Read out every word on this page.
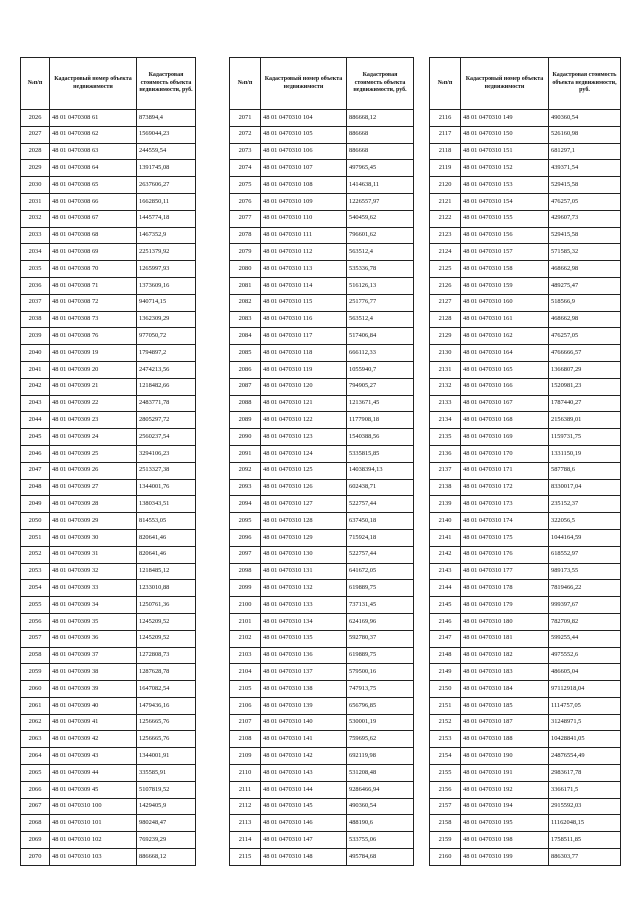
№п/п	Кадастровый номер объекта недвижимости	Кадастровая стоимость объекта недвижимости, руб.
2026	48 01 0470308 61	873894,4
2027	48 01 0470308 62	1569044,23
2028	48 01 0470308 63	244559,54
2029	48 01 0470308 64	1391745,08
2030	48 01 0470308 65	2637606,27
2031	48 01 0470308 66	1662850,11
2032	48 01 0470308 67	1445774,18
2033	48 01 0470308 68	1467352,9
2034	48 01 0470308 69	2251379,92
2035	48 01 0470308 70	1265997,93
2036	48 01 0470308 71	1373609,16
2037	48 01 0470308 72	940714,15
2038	48 01 0470308 73	1362309,29
2039	48 01 0470308 76	977050,72
2040	48 01 0470309 19	1794897,2
2041	48 01 0470309 20	2474213,56
2042	48 01 0470309 21	1218482,66
2043	48 01 0470309 22	2483771,78
2044	48 01 0470309 23	2805297,72
2045	48 01 0470309 24	2560237,54
2046	48 01 0470309 25	3294106,23
2047	48 01 0470309 26	2513327,38
2048	48 01 0470309 27	1344001,76
2049	48 01 0470309 28	1380343,51
2050	48 01 0470309 29	814553,05
2051	48 01 0470309 30	820641,46
2052	48 01 0470309 31	820641,46
2053	48 01 0470309 32	1218485,12
2054	48 01 0470309 33	1233010,88
2055	48 01 0470309 34	1250761,36
2056	48 01 0470309 35	1245209,52
2057	48 01 0470309 36	1245209,52
2058	48 01 0470309 37	1272808,73
2059	48 01 0470309 38	1287628,78
2060	48 01 0470309 39	1647082,54
2061	48 01 0470309 40	1479436,16
2062	48 01 0470309 41	1256665,76
2063	48 01 0470309 42	1256665,76
2064	48 01 0470309 43	1344001,91
2065	48 01 0470309 44	335585,91
2066	48 01 0470309 45	5107819,52
2067	48 01 0470310 100	1429405,9
2068	48 01 0470310 101	980248,47
2069	48 01 0470310 102	769239,29
2070	48 01 0470310 103	886668,12
№п/п	Кадастровый номер объекта недвижимости	Кадастровая стоимость объекта недвижимости, руб.
2071	48 01 0470310 104	886668,12
2072	48 01 0470310 105	886668
2073	48 01 0470310 106	886668
2074	48 01 0470310 107	497965,45
2075	48 01 0470310 108	1414638,11
2076	48 01 0470310 109	1226557,97
2077	48 01 0470310 110	540459,62
2078	48 01 0470310 111	796601,62
2079	48 01 0470310 112	563512,4
2080	48 01 0470310 113	535336,78
2081	48 01 0470310 114	516126,13
2082	48 01 0470310 115	251776,77
2083	48 01 0470310 116	563512,4
2084	48 01 0470310 117	517406,84
2085	48 01 0470310 118	666112,33
2086	48 01 0470310 119	1055940,7
2087	48 01 0470310 120	794905,27
2088	48 01 0470310 121	1213671,45
2089	48 01 0470310 122	1177908,18
2090	48 01 0470310 123	1540388,56
2091	48 01 0470310 124	5335815,85
2092	48 01 0470310 125	14038394,13
2093	48 01 0470310 126	602438,71
2094	48 01 0470310 127	522757,44
2095	48 01 0470310 128	637450,18
2096	48 01 0470310 129	715924,18
2097	48 01 0470310 130	522757,44
2098	48 01 0470310 131	641672,05
2099	48 01 0470310 132	619889,75
2100	48 01 0470310 133	737131,45
2101	48 01 0470310 134	624169,96
2102	48 01 0470310 135	592780,37
2103	48 01 0470310 136	619889,75
2104	48 01 0470310 137	579500,16
2105	48 01 0470310 138	747913,75
2106	48 01 0470310 139	656796,85
2107	48 01 0470310 140	530001,19
2108	48 01 0470310 141	759695,62
2109	48 01 0470310 142	692119,98
2110	48 01 0470310 143	531208,48
2111	48 01 0470310 144	9286466,94
2112	48 01 0470310 145	490360,54
2113	48 01 0470310 146	488190,6
2114	48 01 0470310 147	533755,06
2115	48 01 0470310 148	495784,68
№п/п	Кадастровый номер объекта недвижимости	Кадастровая стоимость объекта недвижимости, руб.
2116	48 01 0470310 149	490360,54
2117	48 01 0470310 150	526160,98
2118	48 01 0470310 151	681297,1
2119	48 01 0470310 152	439371,54
2120	48 01 0470310 153	529415,58
2121	48 01 0470310 154	476257,05
2122	48 01 0470310 155	429607,73
2123	48 01 0470310 156	529415,58
2124	48 01 0470310 157	571585,32
2125	48 01 0470310 158	468662,98
2126	48 01 0470310 159	489275,47
2127	48 01 0470310 160	518566,9
2128	48 01 0470310 161	468662,98
2129	48 01 0470310 162	476257,05
2130	48 01 0470310 164	4766666,57
2131	48 01 0470310 165	1366807,29
2132	48 01 0470310 166	1520981,23
2133	48 01 0470310 167	1787440,27
2134	48 01 0470310 168	2156389,01
2135	48 01 0470310 169	1159731,75
2136	48 01 0470310 170	1331150,19
2137	48 01 0470310 171	587788,6
2138	48 01 0470310 172	8330017,04
2139	48 01 0470310 173	235152,37
2140	48 01 0470310 174	322056,5
2141	48 01 0470310 175	1044164,59
2142	48 01 0470310 176	618552,97
2143	48 01 0470310 177	989173,55
2144	48 01 0470310 178	7819466,22
2145	48 01 0470310 179	999397,67
2146	48 01 0470310 180	782709,82
2147	48 01 0470310 181	599255,44
2148	48 01 0470310 182	4975552,6
2149	48 01 0470310 183	486605,04
2150	48 01 0470310 184	97112918,04
2151	48 01 0470310 185	1114757,05
2152	48 01 0470310 187	31248971,5
2153	48 01 0470310 188	10428841,05
2154	48 01 0470310 190	24876554,49
2155	48 01 0470310 191	2983617,78
2156	48 01 0470310 192	3366171,5
2157	48 01 0470310 194	2915592,03
2158	48 01 0470310 195	11162048,15
2159	48 01 0470310 198	1758511,85
2160	48 01 0470310 199	886303,77
